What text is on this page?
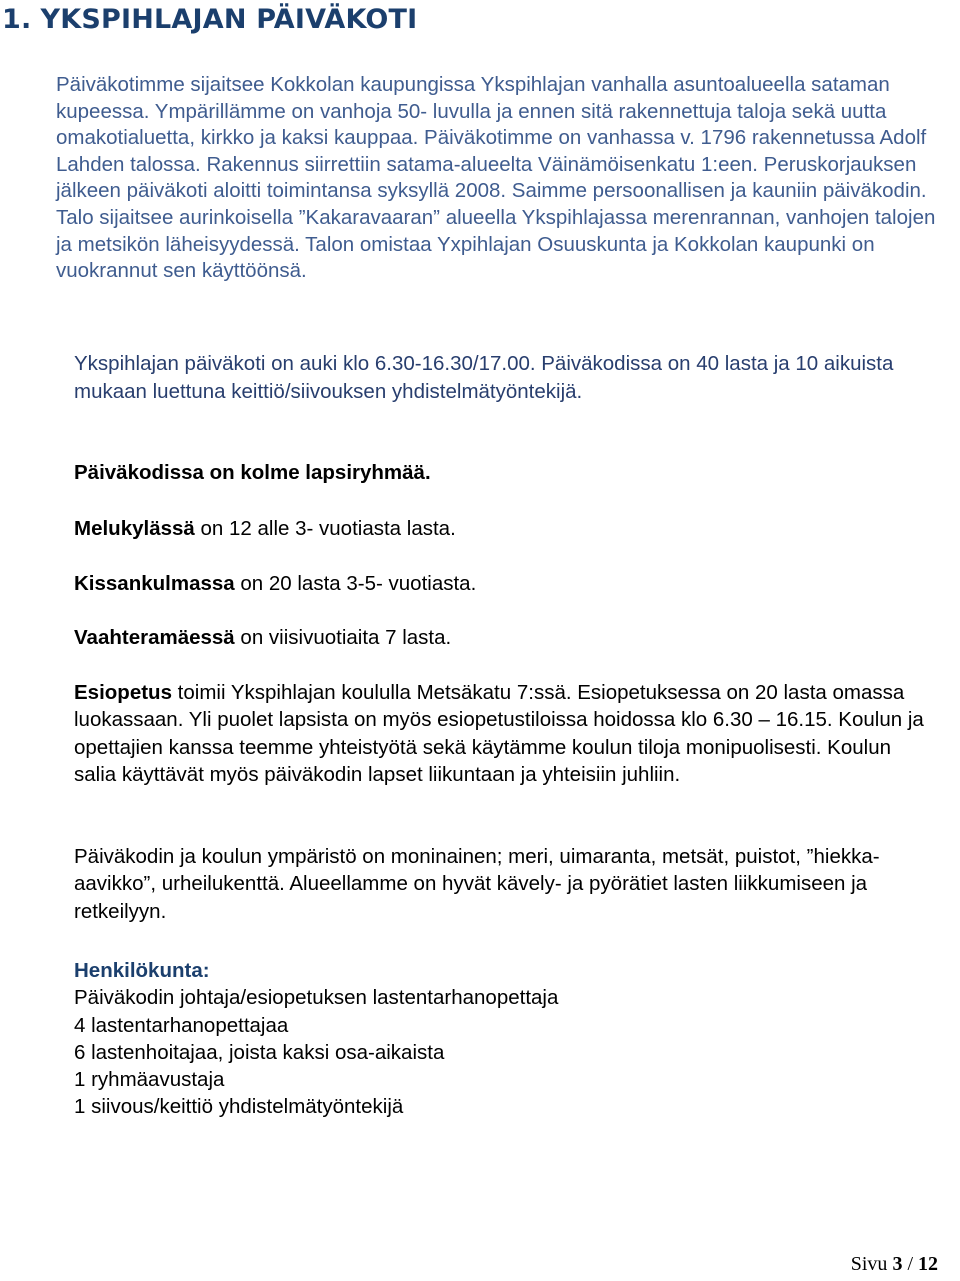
1. YKSPIHLAJAN PÄIVÄKOTI
Päiväkotimme sijaitsee Kokkolan kaupungissa Ykspihlajan vanhalla asuntoalueella sataman kupeessa. Ympärillämme on vanhoja 50- luvulla ja ennen sitä rakennettuja taloja sekä uutta omakotialuetta, kirkko ja kaksi kauppaa. Päiväkotimme on vanhassa v. 1796 rakennetussa Adolf Lahden talossa. Rakennus siirrettiin satama-alueelta Väinämöisenkatu 1:een. Peruskorjauksen jälkeen päiväkoti aloitti toimintansa syksyllä 2008. Saimme persoonallisen ja kauniin päiväkodin. Talo sijaitsee aurinkoisella ”Kakaravaaran” alueella Ykspihlajassa merenrannan, vanhojen talojen ja metsikön läheisyydessä. Talon omistaa Yxpihlajan Osuuskunta ja Kokkolan kaupunki on vuokrannut sen käyttöönsä.
Ykspihlajan päiväkoti on auki klo 6.30-16.30/17.00. Päiväkodissa on 40 lasta ja 10 aikuista mukaan luettuna keittiö/siivouksen yhdistelmätyöntekijä.
Päiväkodissa on kolme lapsiryhmää.
Melukylässä on 12 alle 3- vuotiasta lasta.
Kissankulmassa on 20 lasta 3-5- vuotiasta.
Vaahteramäessä on viisivuotiaita 7 lasta.
Esiopetus toimii Ykspihlajan koululla Metsäkatu 7:ssä. Esiopetuksessa on 20 lasta omassa luokassaan. Yli puolet lapsista on myös esiopetustiloissa hoidossa klo 6.30 – 16.15. Koulun ja opettajien kanssa teemme yhteistyötä sekä käytämme koulun tiloja monipuolisesti. Koulun salia käyttävät myös päiväkodin lapset liikuntaan ja yhteisiin juhliin.
Päiväkodin ja koulun ympäristö on moninainen; meri, uimaranta, metsät, puistot, ”hiekka-aavikko”, urheilukenttä. Alueellamme on hyvät kävely- ja pyörätiet lasten liikkumiseen ja retkeilyyn.
Henkilökunta:
Päiväkodin johtaja/esiopetuksen lastentarhanopettaja
4 lastentarhanopettajaa
6 lastenhoitajaa, joista kaksi osa-aikaista
1 ryhmäavustaja
1 siivous/keittiö yhdistelmätyöntekijä
Sivu 3 / 12
